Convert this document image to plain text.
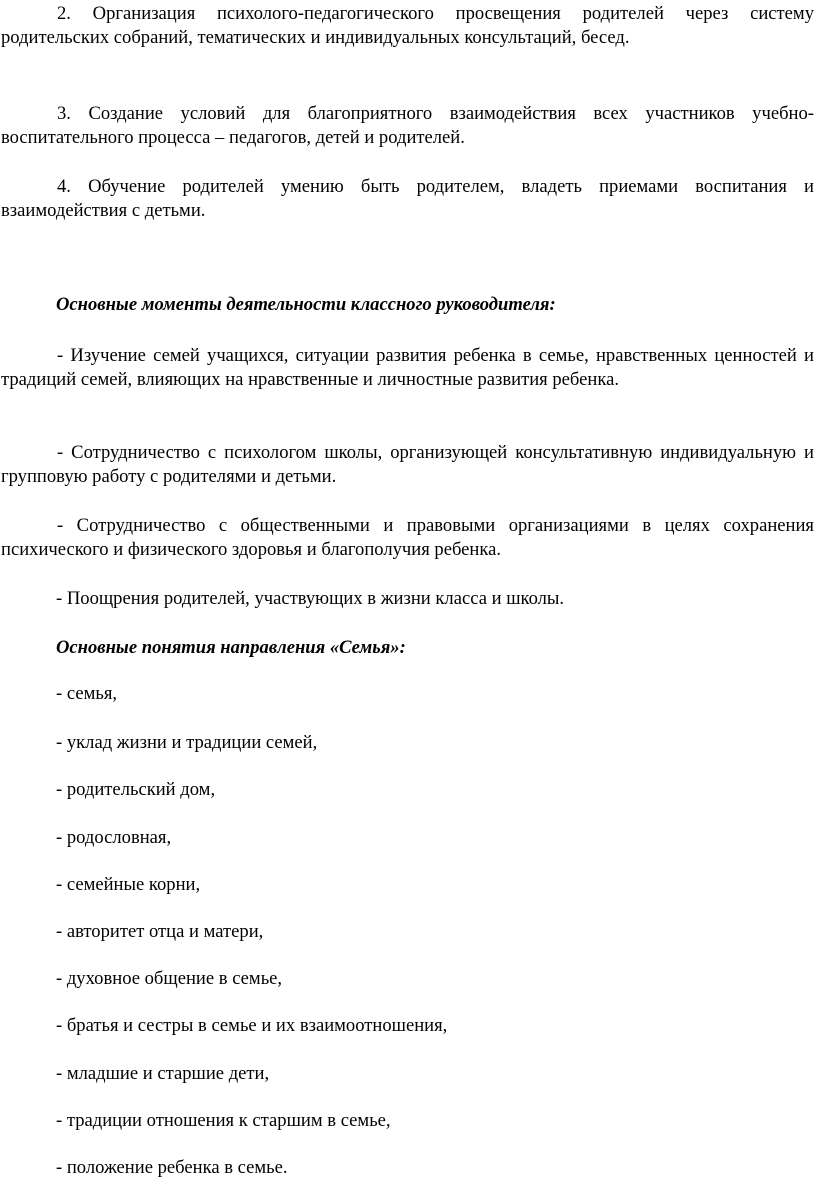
2. Организация психолого-педагогического просвещения родителей через систему родительских собраний, тематических и индивидуальных консультаций, бесед.

3. Создание условий для благоприятного взаимодействия всех участников учебно-воспитательного процесса – педагогов, детей и родителей.

4. Обучение родителей умению быть родителем, владеть приемами воспитания и взаимодействия с детьми.

Основные моменты деятельности классного руководителя:

- Изучение семей учащихся, ситуации развития ребенка в семье, нравственных ценностей и традиций семей, влияющих на нравственные и личностные развития ребенка.

- Сотрудничество с психологом школы, организующей консультативную индивидуальную и групповую работу с родителями и детьми.

- Сотрудничество с общественными и правовыми организациями в целях сохранения психического и физического здоровья и благополучия ребенка.

- Поощрения родителей, участвующих в жизни класса и школы.

Основные понятия направления «Семья»:

- семья,

- уклад жизни и традиции семей,

- родительский дом,

- родословная,

- семейные корни,

- авторитет отца и матери,

- духовное общение в семье,

- братья и сестры в семье и их взаимоотношения,

- младшие и старшие дети,

- традиции отношения к старшим в семье,

- положение ребенка в семье.
